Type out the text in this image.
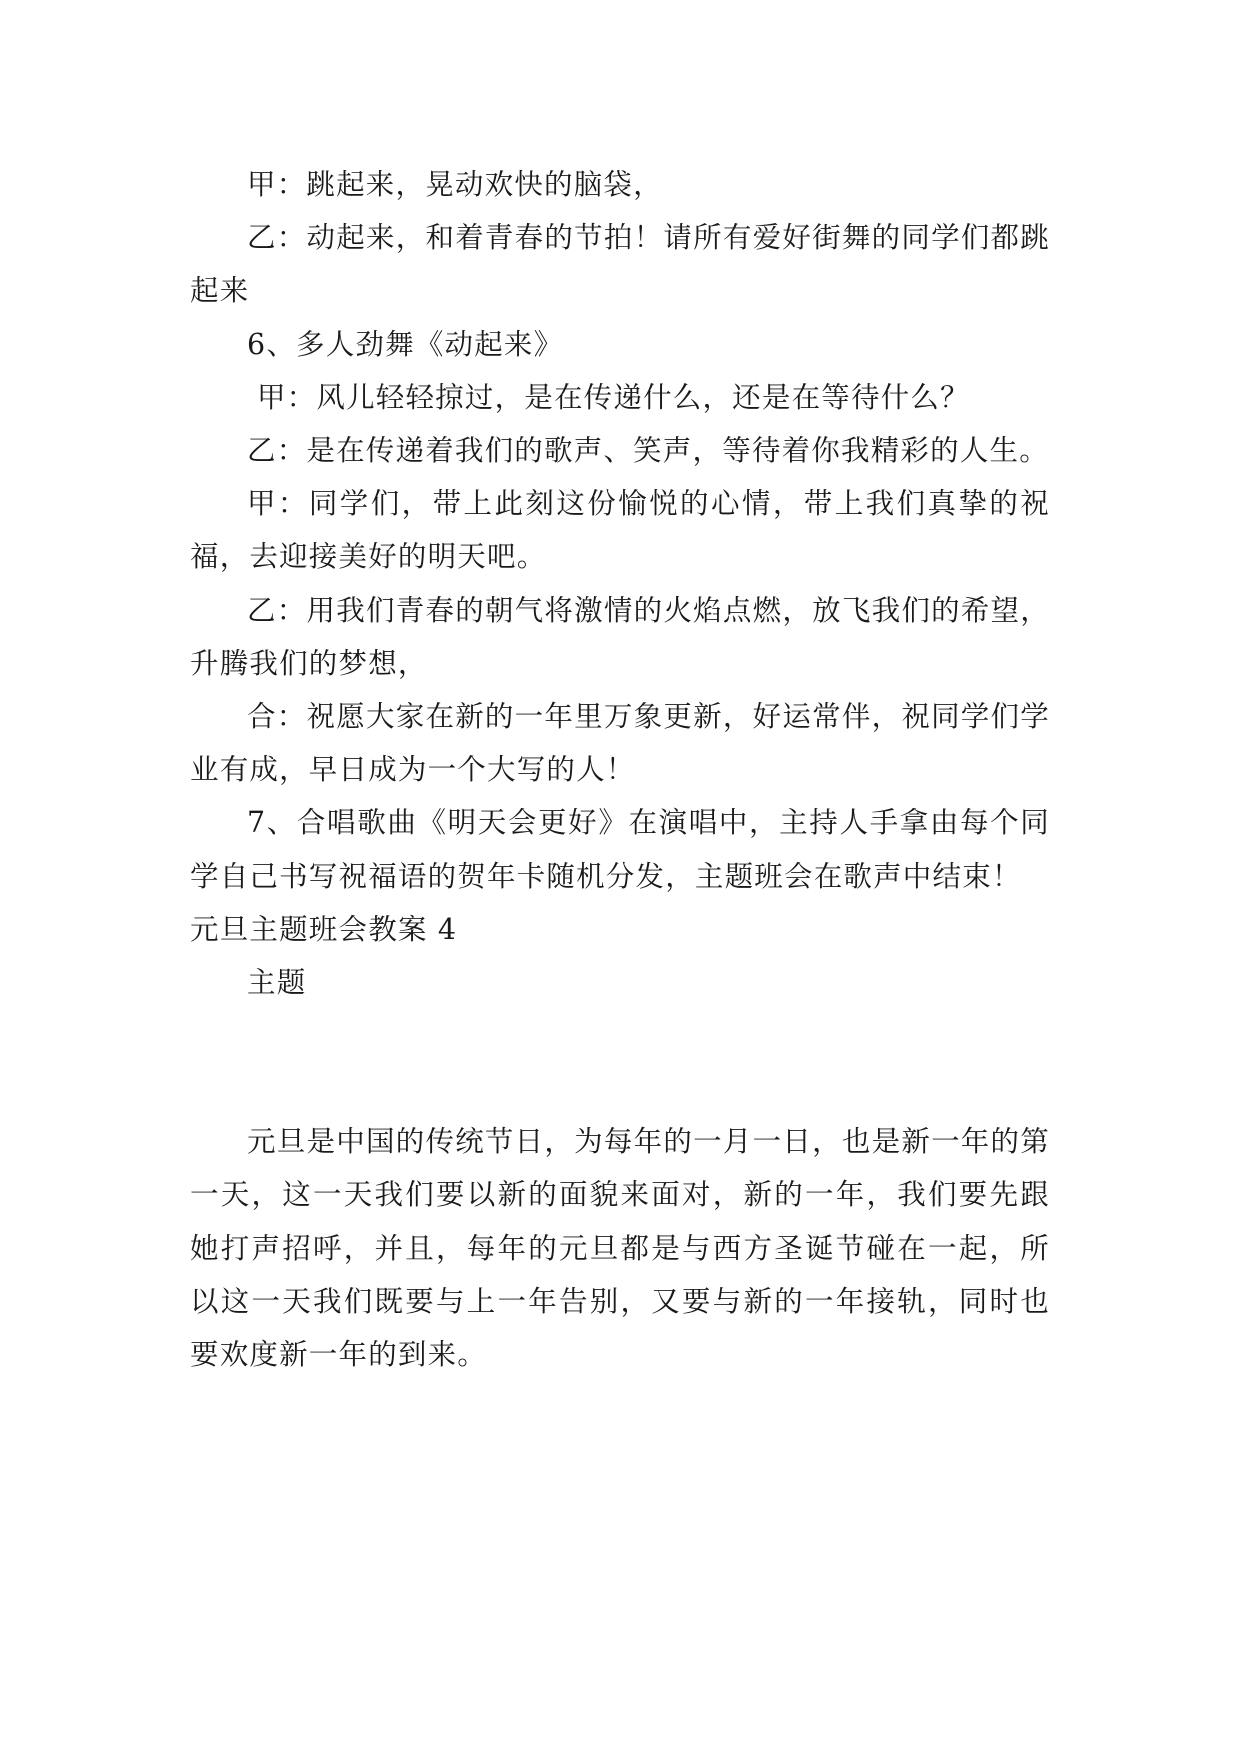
甲：跳起来，晃动欢快的脑袋，

乙：动起来，和着青春的节拍！请所有爱好街舞的同学们都跳起来

6、多人劲舞《动起来》

甲：风儿轻轻掠过，是在传递什么，还是在等待什么？

乙：是在传递着我们的歌声、笑声，等待着你我精彩的人生。

甲：同学们，带上此刻这份愉悦的心情，带上我们真挚的祝福，去迎接美好的明天吧。

乙：用我们青春的朝气将激情的火焰点燃，放飞我们的希望，升腾我们的梦想，

合：祝愿大家在新的一年里万象更新，好运常伴，祝同学们学业有成，早日成为一个大写的人！

7、合唱歌曲《明天会更好》在演唱中，主持人手拿由每个同学自己书写祝福语的贺年卡随机分发，主题班会在歌声中结束！

元旦主题班会教案 4

主题

元旦是中国的传统节日，为每年的一月一日，也是新一年的第一天，这一天我们要以新的面貌来面对，新的一年，我们要先跟她打声招呼，并且，每年的元旦都是与西方圣诞节碰在一起，所以这一天我们既要与上一年告别，又要与新的一年接轨，同时也要欢度新一年的到来。
